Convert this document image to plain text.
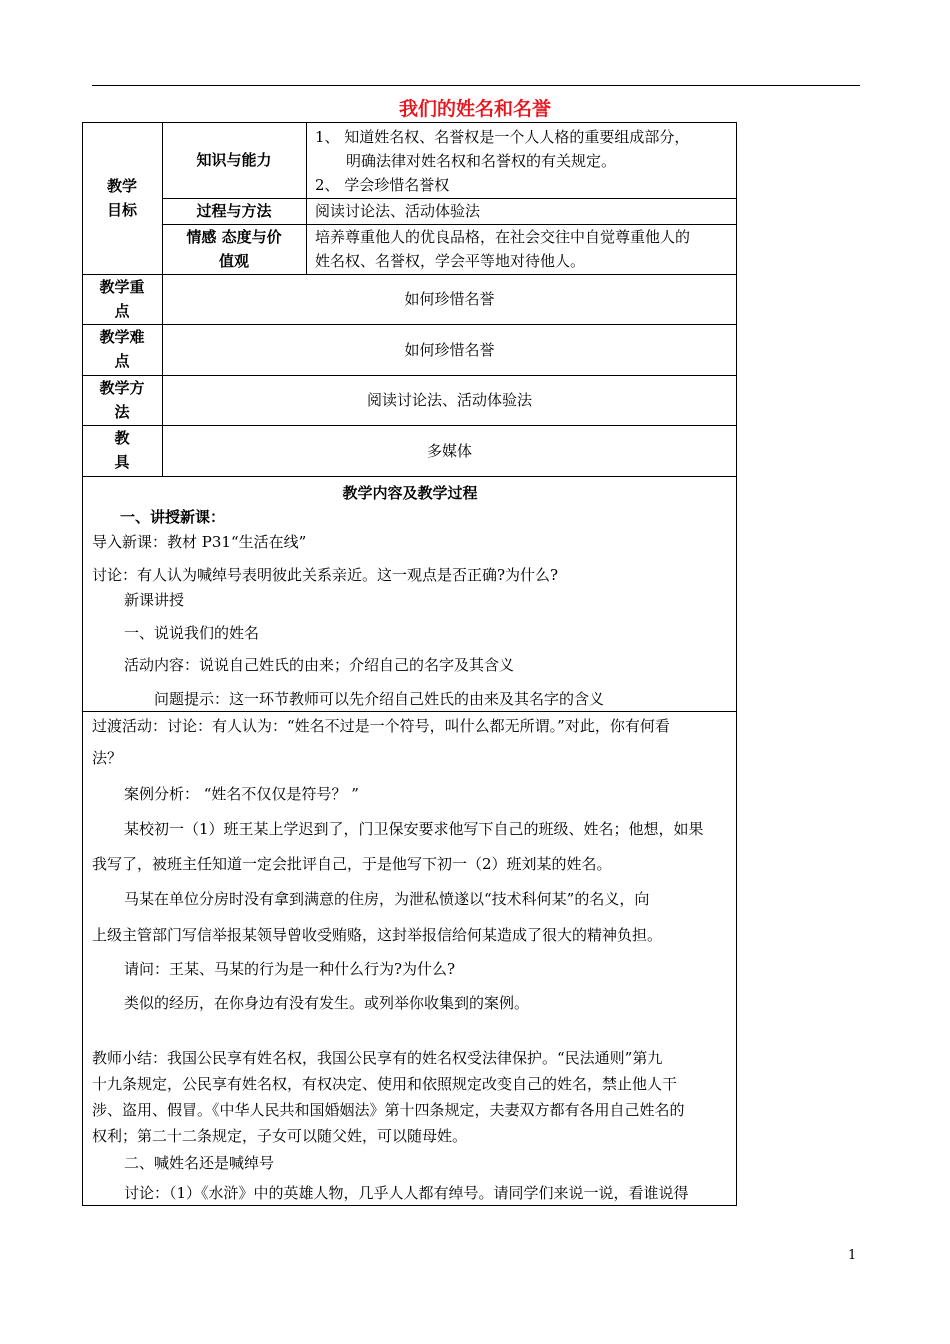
我们的姓名和名誉
教学
目标
知识与能力
1、 知道姓名权、名誉权是一个人人格的重要组成部分，
明确法律对姓名权和名誉权的有关规定。
2、 学会珍惜名誉权
过程与方法	阅读讨论法、活动体验法
情感 态度与价
值观
培养尊重他人的优良品格，在社会交往中自觉尊重他人的
姓名权、名誉权，学会平等地对待他人。
教学重
点
如何珍惜名誉
教学难
点
如何珍惜名誉
教学方
法
阅读讨论法、活动体验法
教
具
多媒体
教学内容及教学过程
一、讲授新课：
导入新课：教材 P31“生活在线”
讨论：有人认为喊绰号表明彼此关系亲近。这一观点是否正确?为什么?
新课讲授
一、说说我们的姓名
活动内容：说说自己姓氏的由来；介绍自己的名字及其含义
问题提示：这一环节教师可以先介绍自己姓氏的由来及其名字的含义
过渡活动：讨论：有人认为：“姓名不过是一个符号，叫什么都无所谓。”对此，你有何看
法？
案例分析： “姓名不仅仅是符号？ ”
某校初一（1）班王某上学迟到了，门卫保安要求他写下自己的班级、姓名；他想，如果
我写了，被班主任知道一定会批评自己，于是他写下初一（2）班刘某的姓名。
马某在单位分房时没有拿到满意的住房，为泄私愤遂以“技术科何某”的名义，向
上级主管部门写信举报某领导曾收受贿赂，这封举报信给何某造成了很大的精神负担。
请问：王某、马某的行为是一种什么行为?为什么?
类似的经历，在你身边有没有发生。或列举你收集到的案例。
教师小结：我国公民享有姓名权，我国公民享有的姓名权受法律保护。“民法通则”第九
十九条规定，公民享有姓名权，有权决定、使用和依照规定改变自己的姓名，禁止他人干
涉、盗用、假冒。《中华人民共和国婚姻法》第十四条规定，夫妻双方都有各用自己姓名的
权利；第二十二条规定，子女可以随父姓，可以随母姓。
二、喊姓名还是喊绰号
讨论：（1）《水浒》中的英雄人物，几乎人人都有绰号。请同学们来说一说，看谁说得
1
